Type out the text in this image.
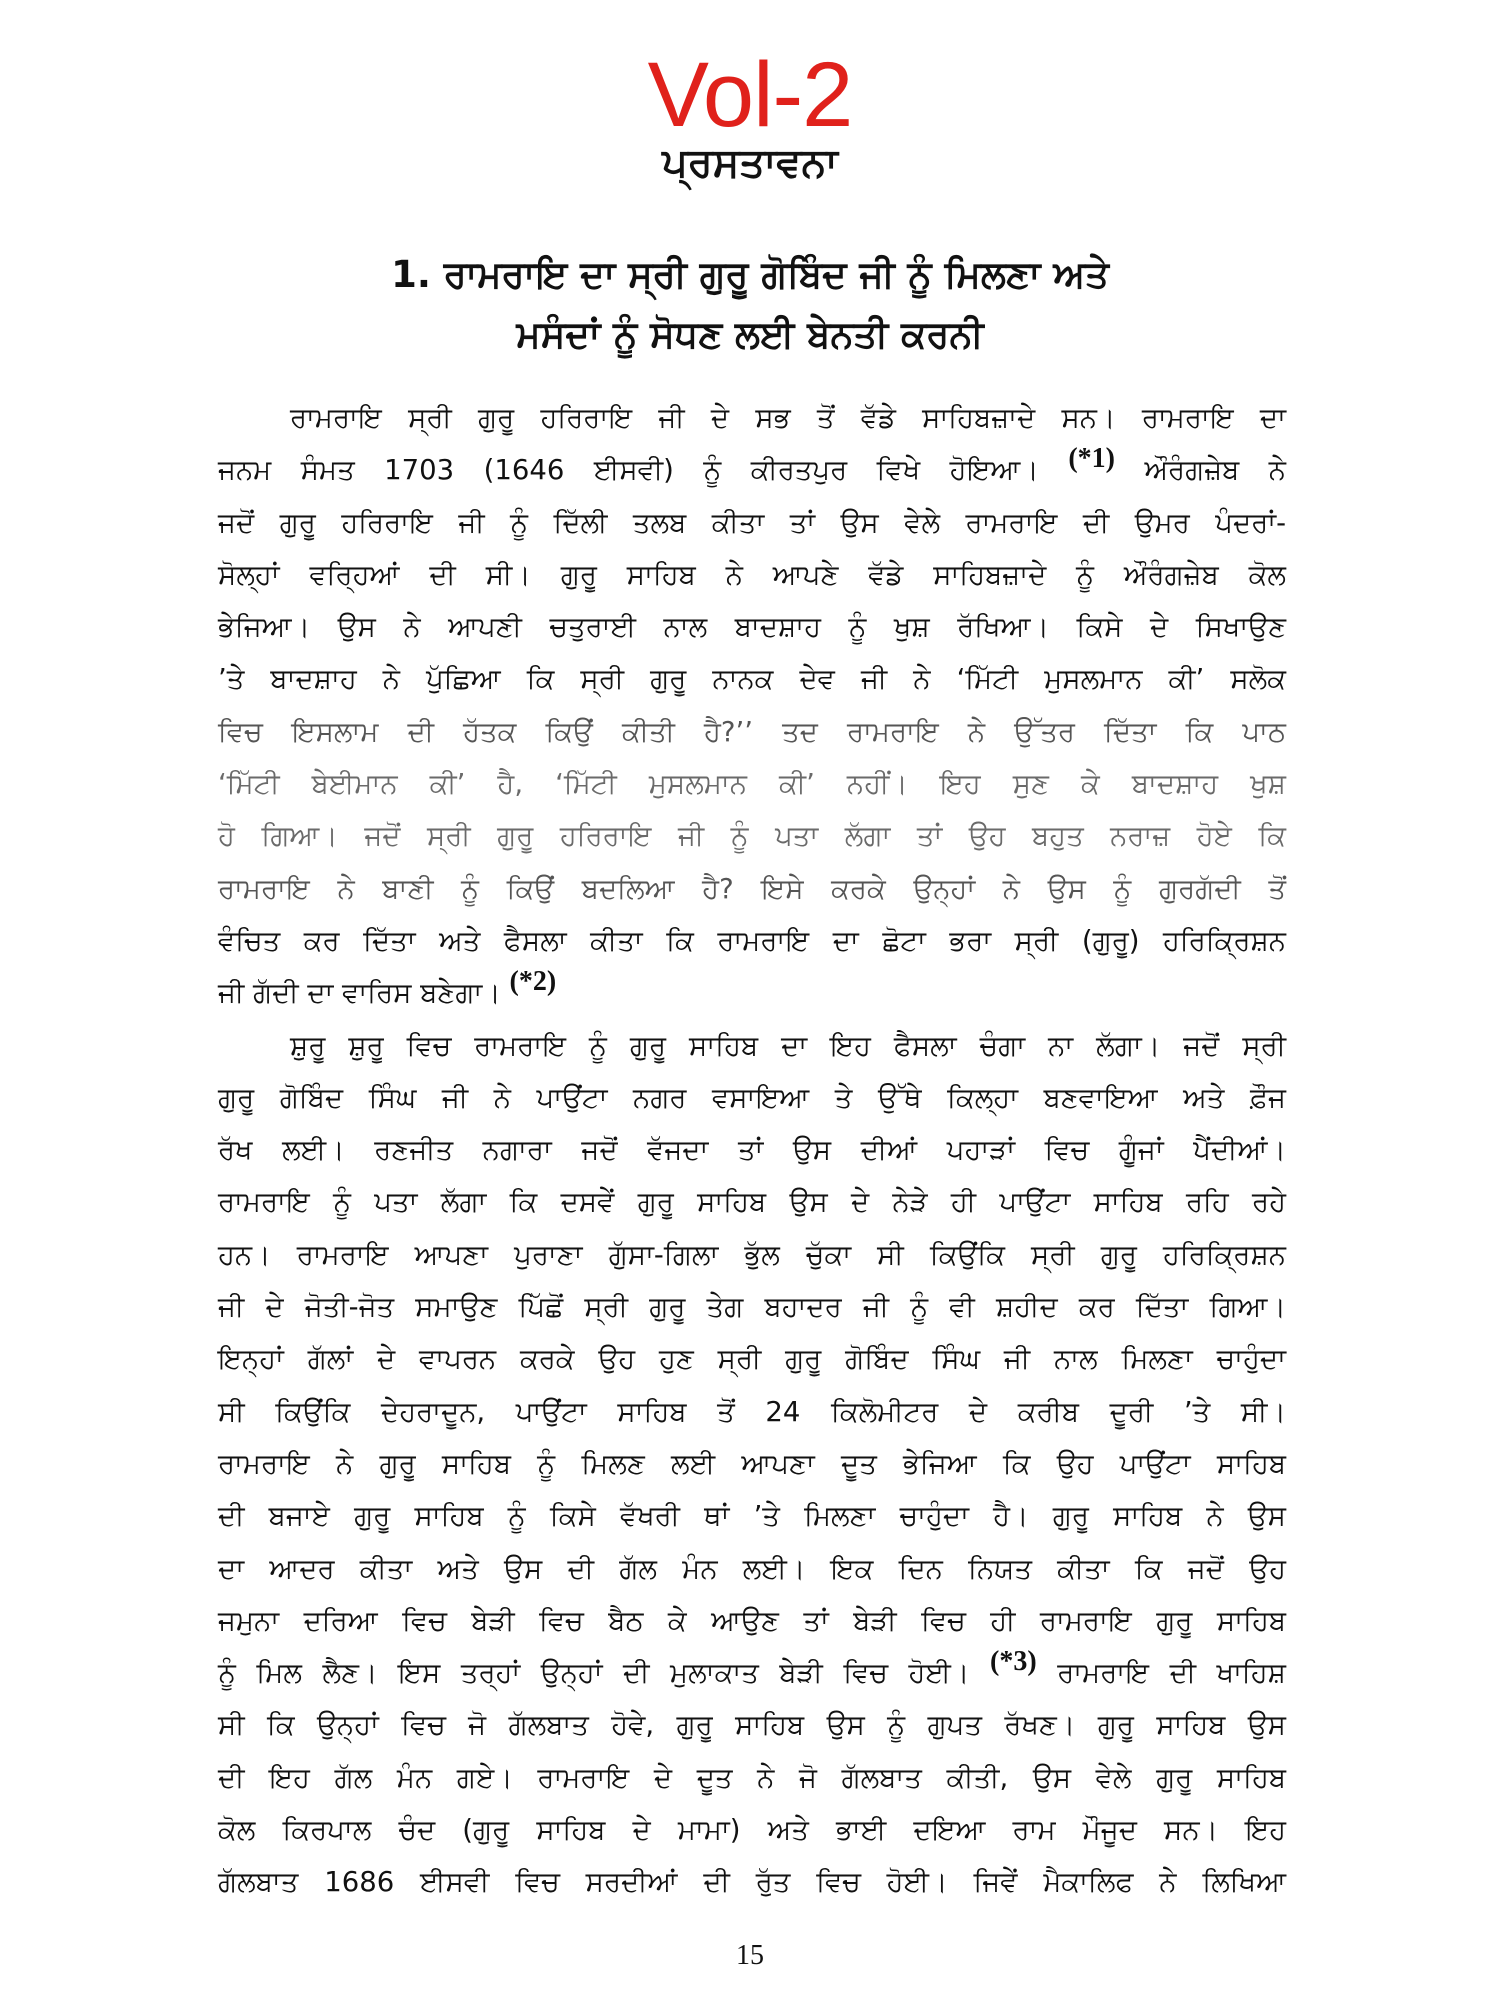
Vol-2
ਪ੍ਰਸਤਾਵਨਾ
1. ਰਾਮਰਾਇ ਦਾ ਸ੍ਰੀ ਗੁਰੂ ਗੋਬਿੰਦ ਜੀ ਨੂੰ ਮਿਲਣਾ ਅਤੇ
ਮਸੰਦਾਂ ਨੂੰ ਸੋਧਣ ਲਈ ਬੇਨਤੀ ਕਰਨੀ

ਰਾਮਰਾਇ ਸ੍ਰੀ ਗੁਰੂ ਹਰਿਰਾਇ ਜੀ ਦੇ ਸਭ ਤੋਂ ਵੱਡੇ ਸਾਹਿਬਜ਼ਾਦੇ ਸਨ। ਰਾਮਰਾਇ ਦਾ
ਜਨਮ ਸੰਮਤ 1703 (1646 ਈਸਵੀ) ਨੂੰ ਕੀਰਤਪੁਰ ਵਿਖੇ ਹੋਇਆ। $^{(*1)}$ ਔਰੰਗਜ਼ੇਬ ਨੇ
ਜਦੋਂ ਗੁਰੂ ਹਰਿਰਾਇ ਜੀ ਨੂੰ ਦਿੱਲੀ ਤਲਬ ਕੀਤਾ ਤਾਂ ਉਸ ਵੇਲੇ ਰਾਮਰਾਇ ਦੀ ਉਮਰ ਪੰਦਰਾਂ-
ਸੋਲ੍ਹਾਂ ਵਰ੍ਹਿਆਂ ਦੀ ਸੀ। ਗੁਰੂ ਸਾਹਿਬ ਨੇ ਆਪਣੇ ਵੱਡੇ ਸਾਹਿਬਜ਼ਾਦੇ ਨੂੰ ਔਰੰਗਜ਼ੇਬ ਕੋਲ
ਭੇਜਿਆ। ਉਸ ਨੇ ਆਪਣੀ ਚਤੁਰਾਈ ਨਾਲ ਬਾਦਸ਼ਾਹ ਨੂੰ ਖੁਸ਼ ਰੱਖਿਆ। ਕਿਸੇ ਦੇ ਸਿਖਾਉਣ
’ਤੇ ਬਾਦਸ਼ਾਹ ਨੇ ਪੁੱਛਿਆ ਕਿ ਸ੍ਰੀ ਗੁਰੂ ਨਾਨਕ ਦੇਵ ਜੀ ਨੇ ‘ਮਿੱਟੀ ਮੁਸਲਮਾਨ ਕੀ’ ਸਲੋਕ
ਵਿਚ ਇਸਲਾਮ ਦੀ ਹੱਤਕ ਕਿਉਂ ਕੀਤੀ ਹੈ?’’ ਤਦ ਰਾਮਰਾਇ ਨੇ ਉੱਤਰ ਦਿੱਤਾ ਕਿ ਪਾਠ
‘ਮਿੱਟੀ ਬੇਈਮਾਨ ਕੀ’ ਹੈ, ‘ਮਿੱਟੀ ਮੁਸਲਮਾਨ ਕੀ’ ਨਹੀਂ। ਇਹ ਸੁਣ ਕੇ ਬਾਦਸ਼ਾਹ ਖੁਸ਼
ਹੋ ਗਿਆ। ਜਦੋਂ ਸ੍ਰੀ ਗੁਰੂ ਹਰਿਰਾਇ ਜੀ ਨੂੰ ਪਤਾ ਲੱਗਾ ਤਾਂ ਉਹ ਬਹੁਤ ਨਰਾਜ਼ ਹੋਏ ਕਿ
ਰਾਮਰਾਇ ਨੇ ਬਾਣੀ ਨੂੰ ਕਿਉਂ ਬਦਲਿਆ ਹੈ? ਇਸੇ ਕਰਕੇ ਉਨ੍ਹਾਂ ਨੇ ਉਸ ਨੂੰ ਗੁਰਗੱਦੀ ਤੋਂ
ਵੰਚਿਤ ਕਰ ਦਿੱਤਾ ਅਤੇ ਫੈਸਲਾ ਕੀਤਾ ਕਿ ਰਾਮਰਾਇ ਦਾ ਛੋਟਾ ਭਰਾ ਸ੍ਰੀ (ਗੁਰੂ) ਹਰਿਕ੍ਰਿਸ਼ਨ
ਜੀ ਗੱਦੀ ਦਾ ਵਾਰਿਸ ਬਣੇਗਾ। $^{(*2)}$

ਸ਼ੁਰੂ ਸ਼ੁਰੂ ਵਿਚ ਰਾਮਰਾਇ ਨੂੰ ਗੁਰੂ ਸਾਹਿਬ ਦਾ ਇਹ ਫੈਸਲਾ ਚੰਗਾ ਨਾ ਲੱਗਾ। ਜਦੋਂ ਸ੍ਰੀ
ਗੁਰੂ ਗੋਬਿੰਦ ਸਿੰਘ ਜੀ ਨੇ ਪਾਉਂਟਾ ਨਗਰ ਵਸਾਇਆ ਤੇ ਉੱਥੇ ਕਿਲ੍ਹਾ ਬਣਵਾਇਆ ਅਤੇ ਫ਼ੌਜ
ਰੱਖ ਲਈ। ਰਣਜੀਤ ਨਗਾਰਾ ਜਦੋਂ ਵੱਜਦਾ ਤਾਂ ਉਸ ਦੀਆਂ ਪਹਾੜਾਂ ਵਿਚ ਗੂੰਜਾਂ ਪੈਂਦੀਆਂ।
ਰਾਮਰਾਇ ਨੂੰ ਪਤਾ ਲੱਗਾ ਕਿ ਦਸਵੇਂ ਗੁਰੂ ਸਾਹਿਬ ਉਸ ਦੇ ਨੇੜੇ ਹੀ ਪਾਉਂਟਾ ਸਾਹਿਬ ਰਹਿ ਰਹੇ
ਹਨ। ਰਾਮਰਾਇ ਆਪਣਾ ਪੁਰਾਣਾ ਗੁੱਸਾ-ਗਿਲਾ ਭੁੱਲ ਚੁੱਕਾ ਸੀ ਕਿਉਂਕਿ ਸ੍ਰੀ ਗੁਰੂ ਹਰਿਕ੍ਰਿਸ਼ਨ
ਜੀ ਦੇ ਜੋਤੀ-ਜੋਤ ਸਮਾਉਣ ਪਿੱਛੋਂ ਸ੍ਰੀ ਗੁਰੂ ਤੇਗ ਬਹਾਦਰ ਜੀ ਨੂੰ ਵੀ ਸ਼ਹੀਦ ਕਰ ਦਿੱਤਾ ਗਿਆ।
ਇਨ੍ਹਾਂ ਗੱਲਾਂ ਦੇ ਵਾਪਰਨ ਕਰਕੇ ਉਹ ਹੁਣ ਸ੍ਰੀ ਗੁਰੂ ਗੋਬਿੰਦ ਸਿੰਘ ਜੀ ਨਾਲ ਮਿਲਣਾ ਚਾਹੁੰਦਾ
ਸੀ ਕਿਉਂਕਿ ਦੇਹਰਾਦੂਨ, ਪਾਉਂਟਾ ਸਾਹਿਬ ਤੋਂ 24 ਕਿਲੋਮੀਟਰ ਦੇ ਕਰੀਬ ਦੂਰੀ ’ਤੇ ਸੀ।
ਰਾਮਰਾਇ ਨੇ ਗੁਰੂ ਸਾਹਿਬ ਨੂੰ ਮਿਲਣ ਲਈ ਆਪਣਾ ਦੂਤ ਭੇਜਿਆ ਕਿ ਉਹ ਪਾਉਂਟਾ ਸਾਹਿਬ
ਦੀ ਬਜਾਏ ਗੁਰੂ ਸਾਹਿਬ ਨੂੰ ਕਿਸੇ ਵੱਖਰੀ ਥਾਂ ’ਤੇ ਮਿਲਣਾ ਚਾਹੁੰਦਾ ਹੈ। ਗੁਰੂ ਸਾਹਿਬ ਨੇ ਉਸ
ਦਾ ਆਦਰ ਕੀਤਾ ਅਤੇ ਉਸ ਦੀ ਗੱਲ ਮੰਨ ਲਈ। ਇਕ ਦਿਨ ਨਿਯਤ ਕੀਤਾ ਕਿ ਜਦੋਂ ਉਹ
ਜਮੁਨਾ ਦਰਿਆ ਵਿਚ ਬੇੜੀ ਵਿਚ ਬੈਠ ਕੇ ਆਉਣ ਤਾਂ ਬੇੜੀ ਵਿਚ ਹੀ ਰਾਮਰਾਇ ਗੁਰੂ ਸਾਹਿਬ
ਨੂੰ ਮਿਲ ਲੈਣ। ਇਸ ਤਰ੍ਹਾਂ ਉਨ੍ਹਾਂ ਦੀ ਮੁਲਾਕਾਤ ਬੇੜੀ ਵਿਚ ਹੋਈ। $^{(*3)}$ ਰਾਮਰਾਇ ਦੀ ਖਾਹਿਸ਼
ਸੀ ਕਿ ਉਨ੍ਹਾਂ ਵਿਚ ਜੋ ਗੱਲਬਾਤ ਹੋਵੇ, ਗੁਰੂ ਸਾਹਿਬ ਉਸ ਨੂੰ ਗੁਪਤ ਰੱਖਣ। ਗੁਰੂ ਸਾਹਿਬ ਉਸ
ਦੀ ਇਹ ਗੱਲ ਮੰਨ ਗਏ। ਰਾਮਰਾਇ ਦੇ ਦੂਤ ਨੇ ਜੋ ਗੱਲਬਾਤ ਕੀਤੀ, ਉਸ ਵੇਲੇ ਗੁਰੂ ਸਾਹਿਬ
ਕੋਲ ਕਿਰਪਾਲ ਚੰਦ (ਗੁਰੂ ਸਾਹਿਬ ਦੇ ਮਾਮਾ) ਅਤੇ ਭਾਈ ਦਇਆ ਰਾਮ ਮੌਜੂਦ ਸਨ। ਇਹ
ਗੱਲਬਾਤ 1686 ਈਸਵੀ ਵਿਚ ਸਰਦੀਆਂ ਦੀ ਰੁੱਤ ਵਿਚ ਹੋਈ। ਜਿਵੇਂ ਮੈਕਾਲਿਫ ਨੇ ਲਿਖਿਆ

15
